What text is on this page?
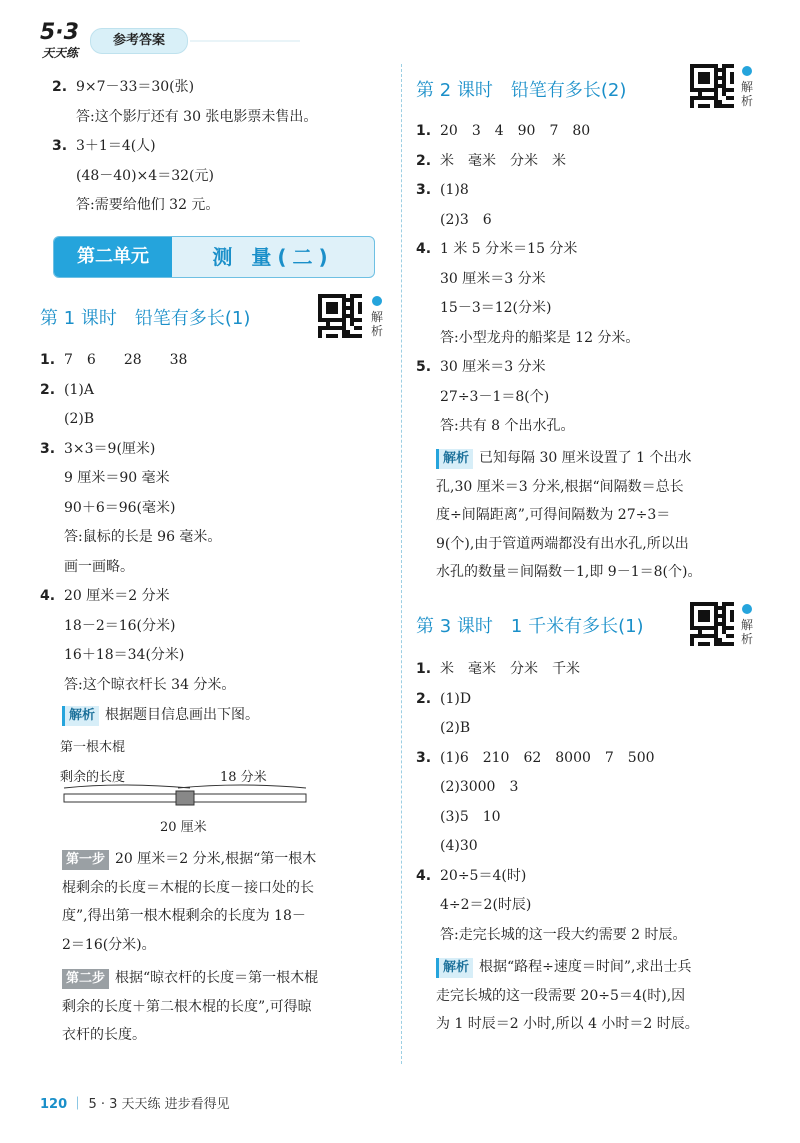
5·3
天天练
参考答案
2. 9×7－33＝30(张)
答:这个影厅还有 30 张电影票未售出。
3. 3＋1＝4(人)
(48－40)×4＝32(元)
答:需要给他们 32 元。
第二单元	测 量(二)
第 1 课时　铅笔有多长(1)	解析
1. 7　6　　28　　38
2. (1)A
(2)B
3. 3×3＝9(厘米)
9 厘米＝90 毫米
90＋6＝96(毫米)
答:鼠标的长是 96 毫米。
画一画略。
4. 20 厘米＝2 分米
18－2＝16(分米)
16＋18＝34(分米)
答:这个晾衣杆长 34 分米。
解析 根据题目信息画出下图。
第一根木棍
剩余的长度	18 分米
20 厘米
第一步 20 厘米＝2 分米,根据“第一根木
棍剩余的长度＝木棍的长度－接口处的长
度”,得出第一根木棍剩余的长度为 18－
2＝16(分米)。
第二步 根据“晾衣杆的长度＝第一根木棍
剩余的长度＋第二根木棍的长度”,可得晾
衣杆的长度。
第 2 课时　铅笔有多长(2)	解析
1. 20　3　4　90　7　80
2. 米　毫米　分米　米
3. (1)8
(2)3　6
4. 1 米 5 分米＝15 分米
30 厘米＝3 分米
15－3＝12(分米)
答:小型龙舟的船桨是 12 分米。
5. 30 厘米＝3 分米
27÷3－1＝8(个)
答:共有 8 个出水孔。
解析 已知每隔 30 厘米设置了 1 个出水
孔,30 厘米＝3 分米,根据“间隔数＝总长
度÷间隔距离”,可得间隔数为 27÷3＝
9(个),由于管道两端都没有出水孔,所以出
水孔的数量＝间隔数－1,即 9－1＝8(个)。
第 3 课时　1 千米有多长(1)	解析
1. 米　毫米　分米　千米
2. (1)D
(2)B
3. (1)6　210　62　8000　7　500
(2)3000　3
(3)5　10
(4)30
4. 20÷5＝4(时)
4÷2＝2(时辰)
答:走完长城的这一段大约需要 2 时辰。
解析 根据“路程÷速度＝时间”,求出士兵
走完长城的这一段需要 20÷5＝4(时),因
为 1 时辰＝2 小时,所以 4 小时＝2 时辰。
120 ｜ 5 · 3 天天练 进步看得见
